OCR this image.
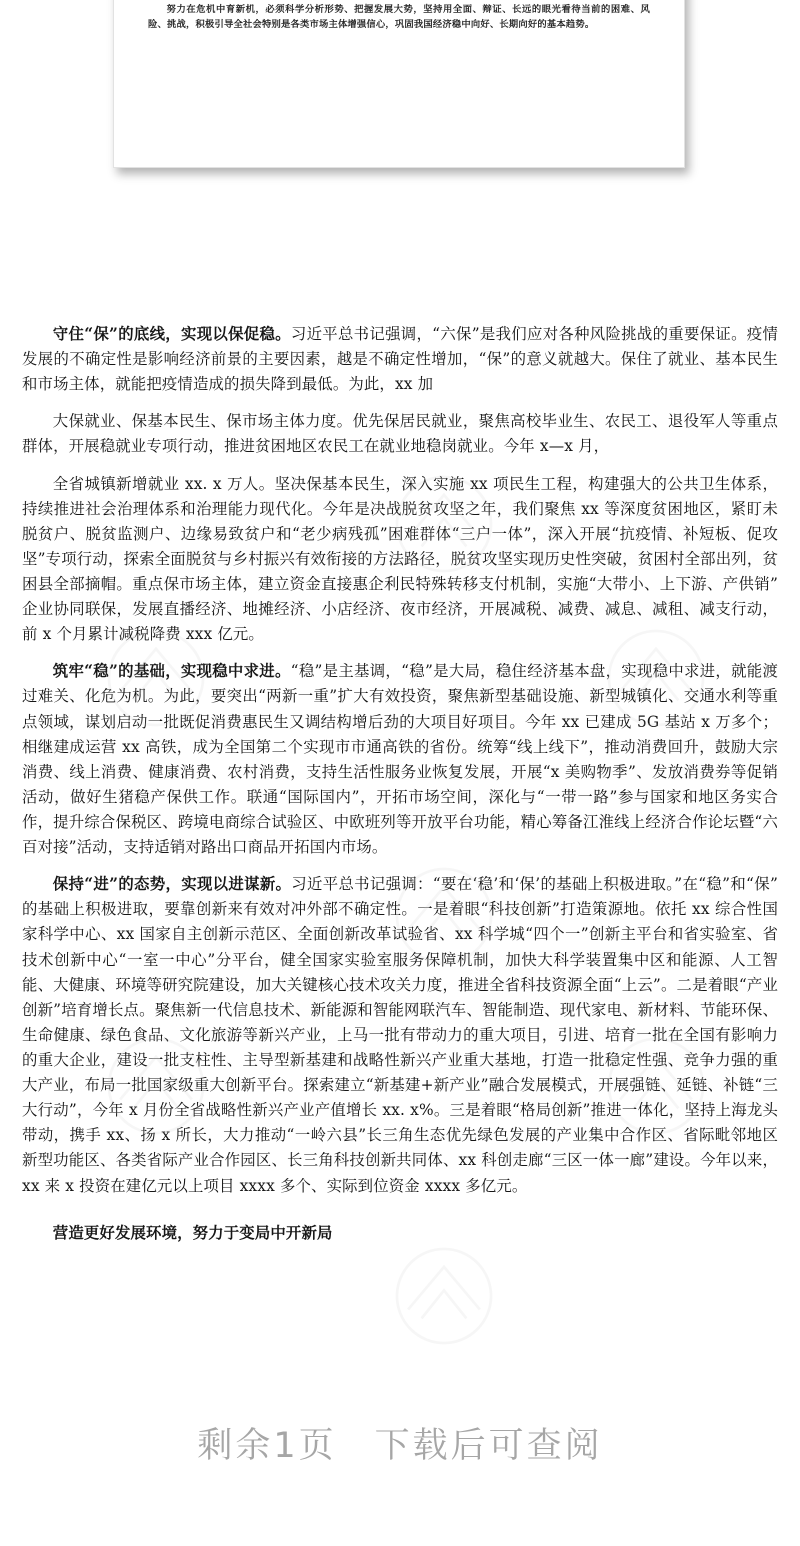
努力在危机中育新机，必须科学分析形势、把握发展大势，坚持用全面、辩证、长远的眼光看待当前的困难、风险、挑战，积极引导全社会特别是各类市场主体增强信心，巩固我国经济稳中向好、长期向好的基本趋势。

守住“保”的底线，实现以保促稳。习近平总书记强调，“六保”是我们应对各种风险挑战的重要保证。疫情发展的不确定性是影响经济前景的主要因素，越是不确定性增加，“保”的意义就越大。保住了就业、基本民生和市场主体，就能把疫情造成的损失降到最低。为此，xx 加

大保就业、保基本民生、保市场主体力度。优先保居民就业，聚焦高校毕业生、农民工、退役军人等重点群体，开展稳就业专项行动，推进贫困地区农民工在就业地稳岗就业。今年 x—x 月，

全省城镇新增就业 xx. x 万人。坚决保基本民生，深入实施 xx 项民生工程，构建强大的公共卫生体系，持续推进社会治理体系和治理能力现代化。今年是决战脱贫攻坚之年，我们聚焦 xx 等深度贫困地区，紧盯未脱贫户、脱贫监测户、边缘易致贫户和“老少病残孤”困难群体“三户一体”，深入开展“抗疫情、补短板、促攻坚”专项行动，探索全面脱贫与乡村振兴有效衔接的方法路径，脱贫攻坚实现历史性突破，贫困村全部出列，贫困县全部摘帽。重点保市场主体，建立资金直接惠企利民特殊转移支付机制，实施“大带小、上下游、产供销”企业协同联保，发展直播经济、地摊经济、小店经济、夜市经济，开展减税、减费、减息、减租、减支行动，前 x 个月累计减税降费 xxx 亿元。

筑牢“稳”的基础，实现稳中求进。“稳”是主基调，“稳”是大局，稳住经济基本盘，实现稳中求进，就能渡过难关、化危为机。为此，要突出“两新一重”扩大有效投资，聚焦新型基础设施、新型城镇化、交通水利等重点领域，谋划启动一批既促消费惠民生又调结构增后劲的大项目好项目。今年 xx 已建成 5G 基站 x 万多个；相继建成运营 xx 高铁，成为全国第二个实现市市通高铁的省份。统筹“线上线下”，推动消费回升，鼓励大宗消费、线上消费、健康消费、农村消费，支持生活性服务业恢复发展，开展“x 美购物季”、发放消费券等促销活动，做好生猪稳产保供工作。联通“国际国内”，开拓市场空间，深化与“一带一路”参与国家和地区务实合作，提升综合保税区、跨境电商综合试验区、中欧班列等开放平台功能，精心筹备江淮线上经济合作论坛暨“六百对接”活动，支持适销对路出口商品开拓国内市场。

保持“进”的态势，实现以进谋新。习近平总书记强调：“要在‘稳’和‘保’的基础上积极进取。”在“稳”和“保”的基础上积极进取，要靠创新来有效对冲外部不确定性。一是着眼“科技创新”打造策源地。依托 xx 综合性国家科学中心、xx 国家自主创新示范区、全面创新改革试验省、xx 科学城“四个一”创新主平台和省实验室、省技术创新中心“一室一中心”分平台，健全国家实验室服务保障机制，加快大科学装置集中区和能源、人工智能、大健康、环境等研究院建设，加大关键核心技术攻关力度，推进全省科技资源全面“上云”。二是着眼“产业创新”培育增长点。聚焦新一代信息技术、新能源和智能网联汽车、智能制造、现代家电、新材料、节能环保、生命健康、绿色食品、文化旅游等新兴产业，上马一批有带动力的重大项目，引进、培育一批在全国有影响力的重大企业，建设一批支柱性、主导型新基建和战略性新兴产业重大基地，打造一批稳定性强、竞争力强的重大产业，布局一批国家级重大创新平台。探索建立“新基建+新产业”融合发展模式，开展强链、延链、补链“三大行动”，今年 x 月份全省战略性新兴产业产值增长 xx. x%。三是着眼“格局创新”推进一体化，坚持上海龙头带动，携手 xx、扬 x 所长，大力推动“一岭六县”长三角生态优先绿色发展的产业集中合作区、省际毗邻地区新型功能区、各类省际产业合作园区、长三角科技创新共同体、xx 科创走廊“三区一体一廊”建设。今年以来，xx 来 x 投资在建亿元以上项目 xxxx 多个、实际到位资金 xxxx 多亿元。

营造更好发展环境，努力于变局中开新局

剩余1页　下载后可查阅
